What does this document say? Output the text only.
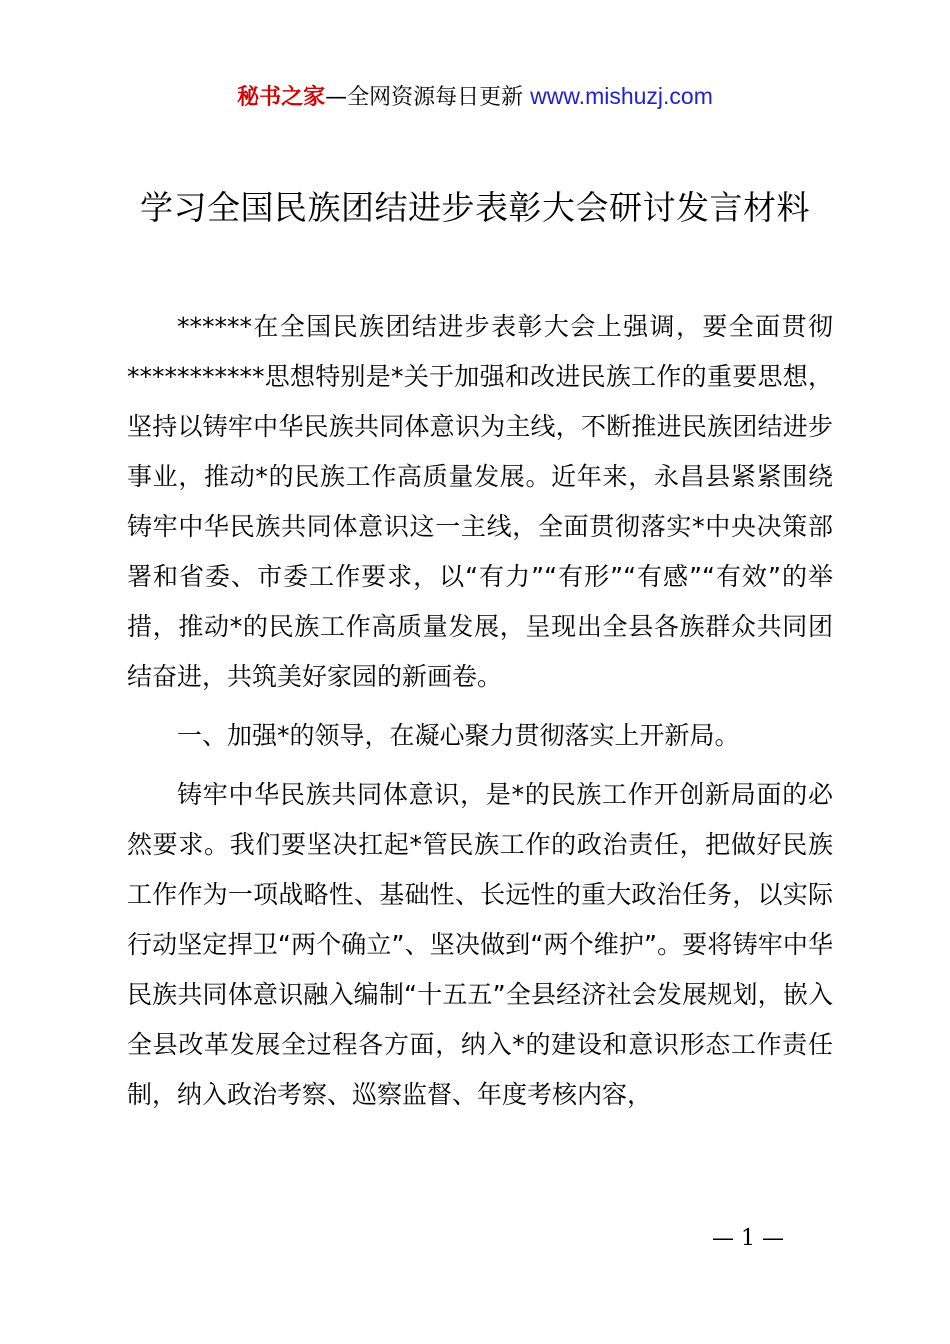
秘书之家—全网资源每日更新 www.mishuzj.com
学习全国民族团结进步表彰大会研讨发言材料

******在全国民族团结进步表彰大会上强调，要全面贯彻***********思想特别是*关于加强和改进民族工作的重要思想，坚持以铸牢中华民族共同体意识为主线，不断推进民族团结进步事业，推动*的民族工作高质量发展。近年来，永昌县紧紧围绕铸牢中华民族共同体意识这一主线，全面贯彻落实*中央决策部署和省委、市委工作要求，以“有力”“有形”“有感”“有效”的举措，推动*的民族工作高质量发展，呈现出全县各族群众共同团结奋进，共筑美好家园的新画卷。

一、加强*的领导，在凝心聚力贯彻落实上开新局。

铸牢中华民族共同体意识，是*的民族工作开创新局面的必然要求。我们要坚决扛起*管民族工作的政治责任，把做好民族工作作为一项战略性、基础性、长远性的重大政治任务，以实际行动坚定捍卫“两个确立”、坚决做到“两个维护”。要将铸牢中华民族共同体意识融入编制“十五五”全县经济社会发展规划，嵌入全县改革发展全过程各方面，纳入*的建设和意识形态工作责任制，纳入政治考察、巡察监督、年度考核内容，

— 1 —
